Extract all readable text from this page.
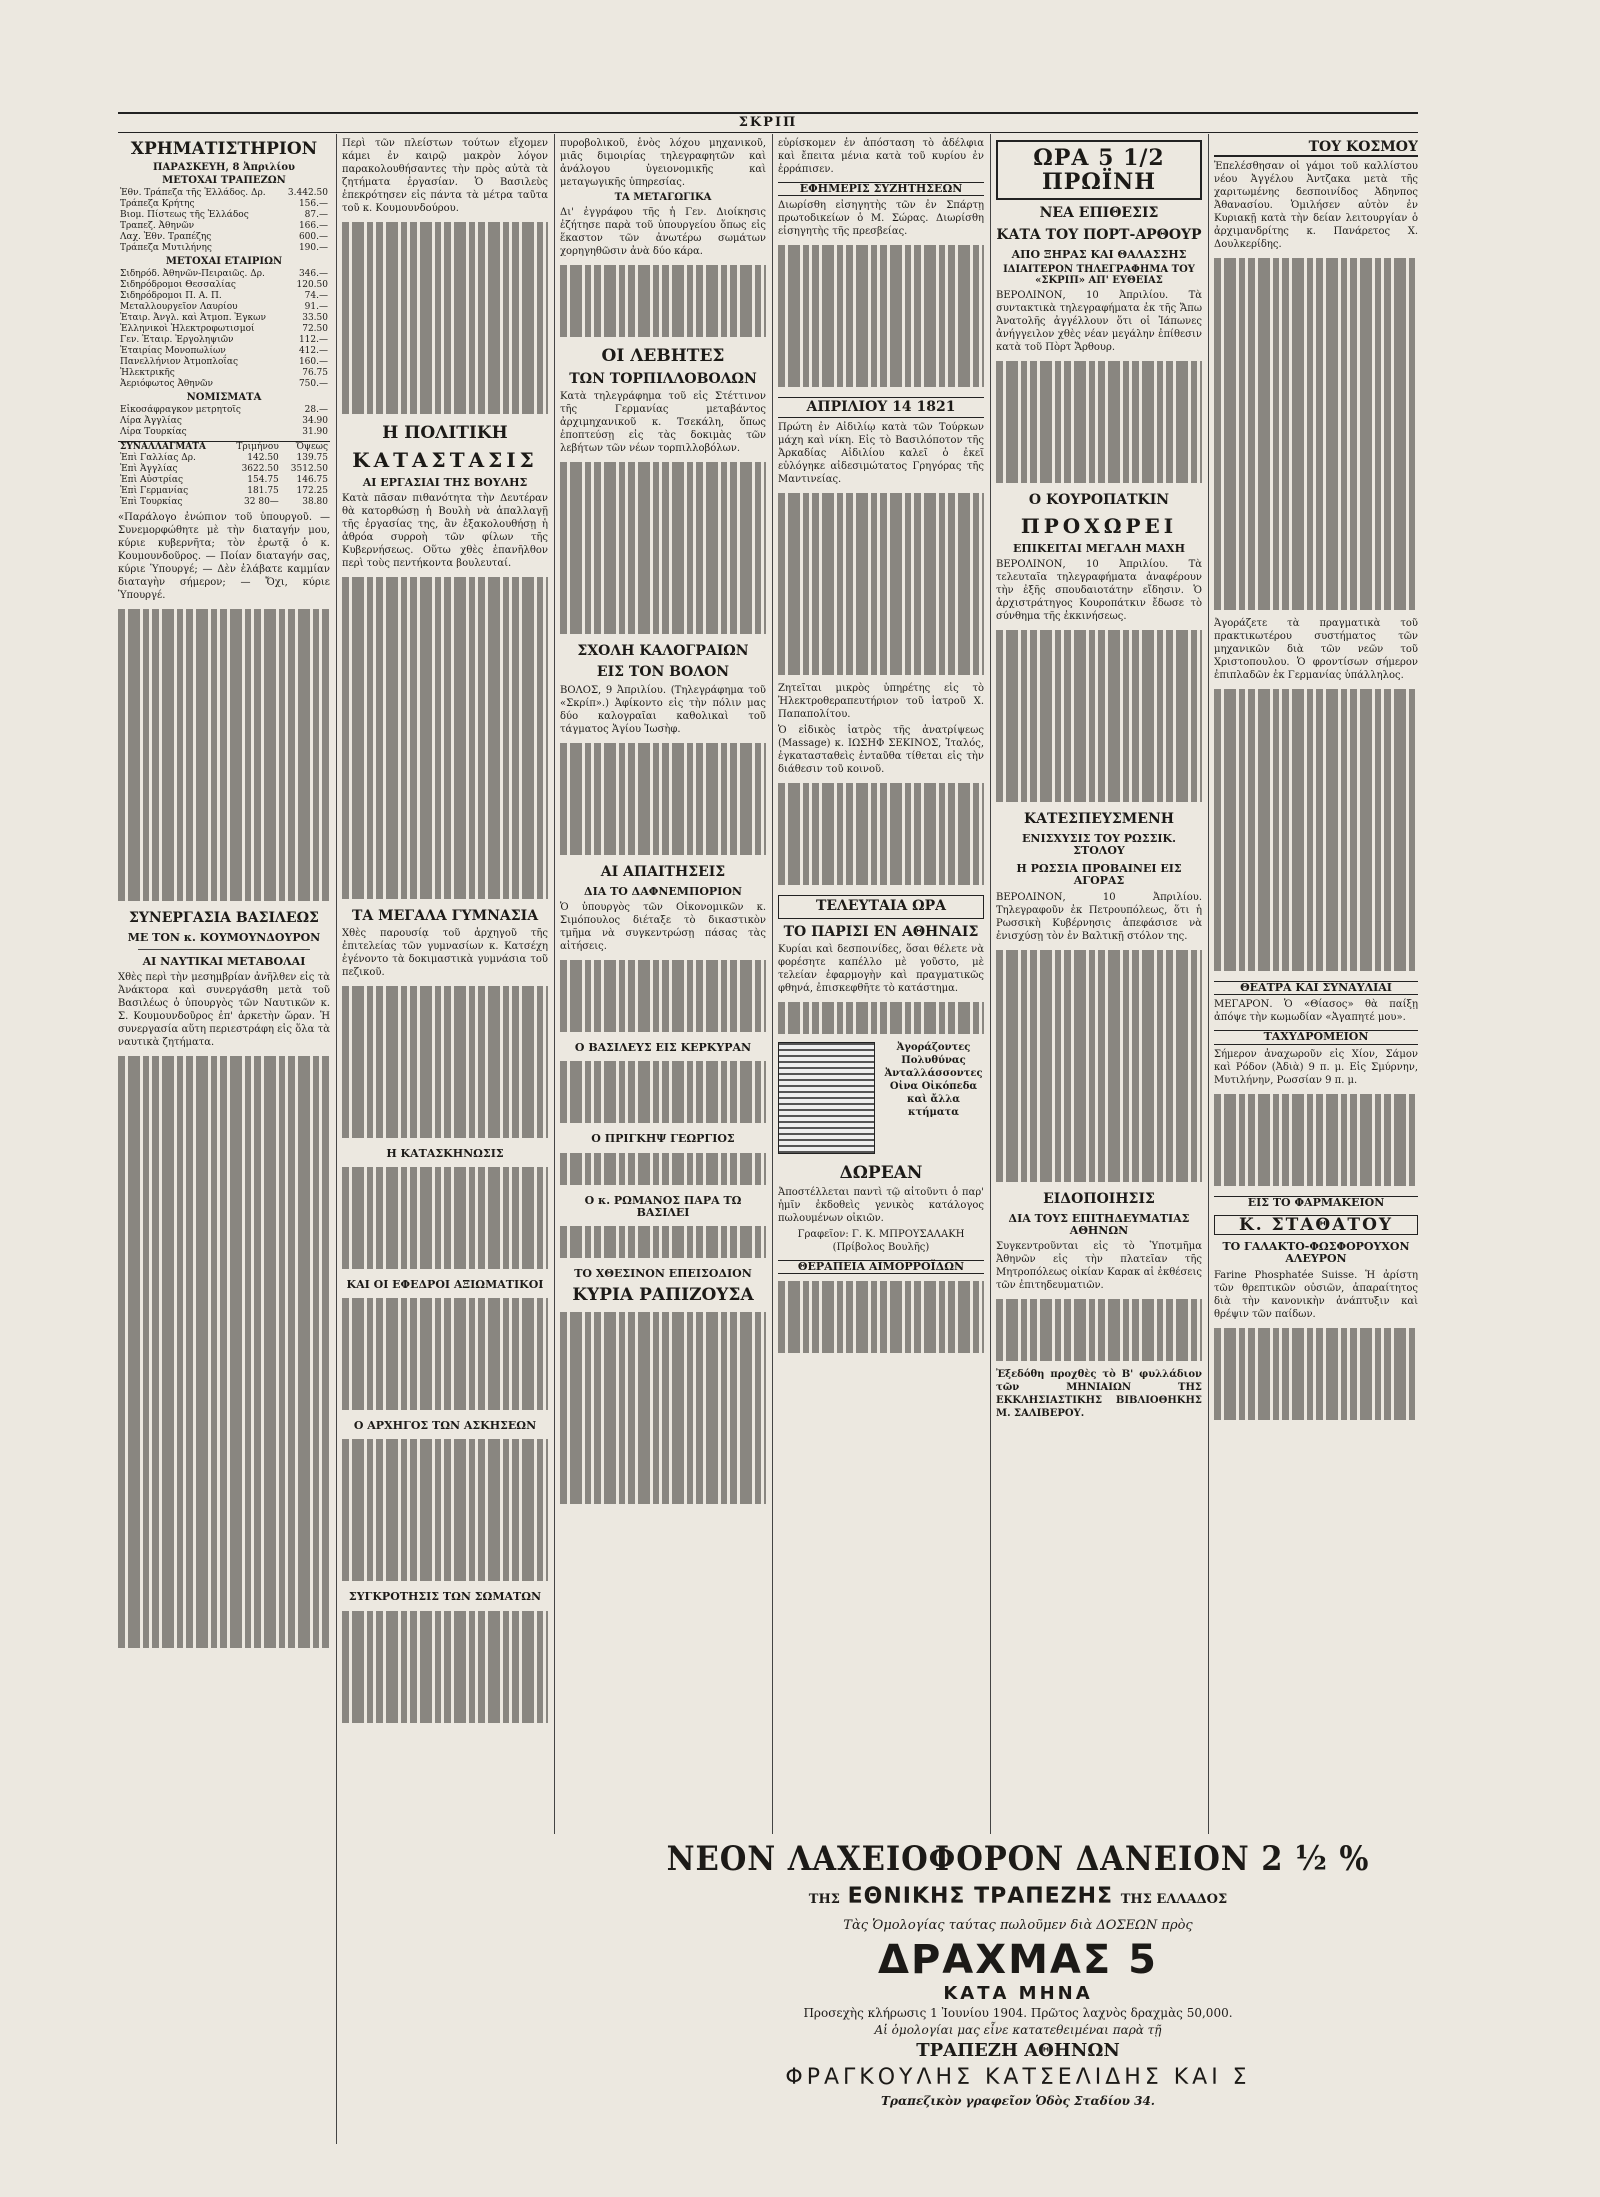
ΣΚΡΙΠ
ΧΡΗΜΑΤΙΣΤΗΡΙΟΝ
ΠΑΡΑΣΚΕΥΗ, 8 Ἀπριλίου
ΜΕΤΟΧΑΙ ΤΡΑΠΕΖΩΝ
Ἐθν. Τράπεζα τῆς Ἑλλάδος. Δρ.	3.442.50
Τράπεζα Κρήτης	156.—
Βιομ. Πίστεως τῆς Ἑλλάδος	87.—
Τραπεζ. Ἀθηνῶν	166.—
Λαχ. Ἐθν. Τραπέζης	600.—
Τράπεζα Μυτιλήνης	190.—
ΜΕΤΟΧΑΙ ΕΤΑΙΡΙΩΝ
Σιδηρόδ. Ἀθηνῶν-Πειραιῶς. Δρ.	346.—
Σιδηρόδρομοι Θεσσαλίας	120.50
Σιδηρόδρομοι Π. Α. Π.	74.—
Μεταλλουργεῖον Λαυρίου	91.—
Ἑταιρ. Ἀνγλ. καὶ Ἀτμοπ. Ἐγκων	33.50
Ἑλληνικοὶ Ἠλεκτροφωτισμοί	72.50
Γεν. Ἑταιρ. Ἐργοληψιῶν	112.—
Ἑταιρίας Μονοπωλίων	412.—
Πανελλήνιον Ἀτμοπλοΐας	160.—
Ἠλεκτρικῆς	76.75
Ἀεριόφωτος Ἀθηνῶν	750.—
ΝΟΜΙΣΜΑΤΑ
Εἰκοσάφραγκον μετρητοῖς	28.—
Λίρα Ἀγγλίας	34.90
Λίρα Τουρκίας	31.90
ΣΥΝΑΛΛΑΓΜΑΤΑ	Τριμήνου	Ὄψεως
Ἐπὶ Γαλλίας Δρ.	142.50	139.75
Ἐπὶ Ἀγγλίας	3622.50	3512.50
Ἐπὶ Αὐστρίας	154.75	146.75
Ἐπὶ Γερμανίας	181.75	172.25
Ἐπὶ Τουρκίας	32 80—	38.80
«Παράλογο ἐνώπιον τοῦ ὑπουργοῦ. — Συνεμορφώθητε μὲ τὴν διαταγήν μου, κύριε κυβερνῆτα; τὸν ἐρωτᾷ ὁ κ. Κουμουνδοῦρος. — Ποίαν διαταγήν σας, κύριε Ὑπουργέ; — Δὲν ἐλάβατε καμμίαν διαταγὴν σήμερον; — Ὄχι, κύριε Ὑπουργέ.
ΣΥΝΕΡΓΑΣΙΑ ΒΑΣΙΛΕΩΣ
ΜΕ ΤΟΝ κ. ΚΟΥΜΟΥΝΔΟΥΡΟΝ
ΑΙ ΝΑΥΤΙΚΑΙ ΜΕΤΑΒΟΛΑΙ
Χθὲς περὶ τὴν μεσημβρίαν ἀνῆλθεν εἰς τὰ Ἀνάκτορα καὶ συνεργάσθη μετὰ τοῦ Βασιλέως ὁ ὑπουργὸς τῶν Ναυτικῶν κ. Σ. Κουμουνδοῦρος ἐπ' ἀρκετὴν ὥραν. Ἡ συνεργασία αὕτη περιεστράφη εἰς ὅλα τὰ ναυτικὰ ζητήματα.
Περὶ τῶν πλείστων τούτων εἴχομεν κάμει ἐν καιρῷ μακρὸν λόγον παρακολουθήσαντες τὴν πρὸς αὐτὰ τὰ ζητήματα ἐργασίαν. Ὁ Βασιλεὺς ἐπεκρότησεν εἰς πάντα τὰ μέτρα ταῦτα τοῦ κ. Κουμουνδούρου.
Η ΠΟΛΙΤΙΚΗ
ΚΑΤΑΣΤΑΣΙΣ
ΑΙ ΕΡΓΑΣΙΑΙ ΤΗΣ ΒΟΥΛΗΣ
Κατὰ πᾶσαν πιθανότητα τὴν Δευτέραν θὰ κατορθώσῃ ἡ Βουλὴ νὰ ἀπαλλαγῇ τῆς ἐργασίας της, ἂν ἐξακολουθήσῃ ἡ ἀθρόα συρροὴ τῶν φίλων τῆς Κυβερνήσεως. Οὕτω χθὲς ἐπανῆλθον περὶ τοὺς πεντήκοντα βουλευταί.
ΤΑ ΜΕΓΑΛΑ ΓΥΜΝΑΣΙΑ
Χθὲς παρουσίᾳ τοῦ ἀρχηγοῦ τῆς ἐπιτελείας τῶν γυμνασίων κ. Κατσέχη ἐγένοντο τὰ δοκιμαστικὰ γυμνάσια τοῦ πεζικοῦ.
Η ΚΑΤΑΣΚΗΝΩΣΙΣ
ΚΑΙ ΟΙ ΕΦΕΔΡΟΙ ΑΞΙΩΜΑΤΙΚΟΙ
Ο ΑΡΧΗΓΟΣ ΤΩΝ ΑΣΚΗΣΕΩΝ
ΣΥΓΚΡΟΤΗΣΙΣ ΤΩΝ ΣΩΜΑΤΩΝ
πυροβολικοῦ, ἑνὸς λόχου μηχανικοῦ, μιᾶς διμοιρίας τηλεγραφητῶν καὶ ἀνάλογου ὑγειονομικῆς καὶ μεταγωγικῆς ὑπηρεσίας.
ΤΑ ΜΕΤΑΓΩΓΙΚΑ
Δι' ἐγγράφου τῆς ἡ Γεν. Διοίκησις ἐζήτησε παρὰ τοῦ ὑπουργείου ὅπως εἰς ἕκαστον τῶν ἀνωτέρω σωμάτων χορηγηθῶσιν ἀνὰ δύο κάρα.
ΟΙ ΛΕΒΗΤΕΣ
ΤΩΝ ΤΟΡΠΙΛΛΟΒΟΛΩΝ
Κατὰ τηλεγράφημα τοῦ εἰς Στέττινον τῆς Γερμανίας μεταβάντος ἀρχιμηχανικοῦ κ. Τσεκάλη, ὅπως ἐποπτεύσῃ εἰς τὰς δοκιμὰς τῶν λεβήτων τῶν νέων τορπιλλοβόλων.
ΣΧΟΛΗ ΚΑΛΟΓΡΑΙΩΝ
ΕΙΣ ΤΟΝ ΒΟΛΟΝ
ΒΟΛΟΣ, 9 Ἀπριλίου. (Τηλεγράφημα τοῦ «Σκρίπ».) Ἀφίκοντο εἰς τὴν πόλιν μας δύο καλογραῖαι καθολικαὶ τοῦ τάγματος Ἁγίου Ἰωσὴφ.
ΑΙ ΑΠΑΙΤΗΣΕΙΣ
ΔΙΑ ΤΟ ΔΑΦΝΕΜΠΟΡΙΟΝ
Ὁ ὑπουργὸς τῶν Οἰκονομικῶν κ. Σιμόπουλος διέταξε τὸ δικαστικὸν τμῆμα νὰ συγκεντρώσῃ πάσας τὰς αἰτήσεις.
Ο ΒΑΣΙΛΕΥΣ ΕΙΣ ΚΕΡΚΥΡΑΝ
Ο ΠΡΙΓΚΗΨ ΓΕΩΡΓΙΟΣ
Ο κ. ΡΩΜΑΝΟΣ ΠΑΡΑ ΤΩ ΒΑΣΙΛΕΙ
ΤΟ ΧΘΕΣΙΝΟΝ ΕΠΕΙΣΟΔΙΟΝ
ΚΥΡΙΑ ΡΑΠΙΖΟΥΣΑ
εὑρίσκομεν ἐν ἀπόσταση τὸ ἀδέλφια καὶ ἔπειτα μένια κατὰ τοῦ κυρίου ἐν ἐρράπισεν.
ΕΦΗΜΕΡΙΣ ΣΥΖΗΤΗΣΕΩΝ
Διωρίσθη εἰσηγητὴς τῶν ἐν Σπάρτῃ πρωτοδικείων ὁ Μ. Σώρας. Διωρίσθη εἰσηγητὴς τῆς πρεσβείας.
ΑΠΡΙΛΙΟΥ 14 1821
Πρώτη ἐν Αἰδιλίῳ κατὰ τῶν Τούρκων μάχη καὶ νίκη. Εἰς τὸ Βασιλόποτον τῆς Ἀρκαδίας Αἰδιλίου καλεῖ ὁ ἐκεῖ εὑλόγηκε αἰδεσιμώτατος Γρηγόρας τῆς Μαντινείας.
Ζητεῖται μικρὸς ὑπηρέτης εἰς τὸ Ἠλεκτροθεραπευτήριον τοῦ ἰατροῦ Χ. Παπαπολίτου.
Ὁ εἰδικὸς ἰατρὸς τῆς ἀνατρίψεως (Massage) κ. ΙΩΣΗΦ ΣΕΚΙΝΟΣ, Ἰταλός, ἐγκατασταθεὶς ἐνταῦθα τίθεται εἰς τὴν διάθεσιν τοῦ κοινοῦ.
ΤΕΛΕΥΤΑΙΑ ΩΡΑ
ΤΟ ΠΑΡΙΣΙ ΕΝ ΑΘΗΝΑΙΣ
Κυρίαι καὶ δεσποινίδες, ὅσαι θέλετε νὰ φορέσητε καπέλλο μὲ γοῦστο, μὲ τελείαν ἐφαρμογὴν καὶ πραγματικῶς φθηνά, ἐπισκεφθῆτε τὸ κατάστημα.
Ἀγοράζοντες Πολυθύνας Ἀνταλλάσσοντες Οἰνα Οἰκόπεδα καὶ ἄλλα κτήματα
ΔΩΡΕΑΝ
Ἀποστέλλεται παντὶ τῷ αἰτοῦντι ὁ παρ' ἡμῖν ἐκδοθεὶς γενικὸς κατάλογος πωλουμένων οἰκιῶν.
Γραφεῖον: Γ. Κ. ΜΠΡΟΥΣΑΛΑΚΗ (Πρίβολος Βουλῆς)
ΘΕΡΑΠΕΙΑ ΑΙΜΟΡΡΟΪΔΩΝ
ΩΡΑ 5 1/2 ΠΡΩΪΝΗ
ΝΕΑ ΕΠΙΘΕΣΙΣ
ΚΑΤΑ ΤΟΥ ΠΟΡΤ-ΑΡΘΟΥΡ
ΑΠΟ ΞΗΡΑΣ ΚΑΙ ΘΑΛΑΣΣΗΣ
ΙΔΙΑΙΤΕΡΟΝ ΤΗΛΕΓΡΑΦΗΜΑ ΤΟΥ «ΣΚΡΙΠ» ΑΠ' ΕΥΘΕΙΑΣ
ΒΕΡΟΛΙΝΟΝ, 10 Ἀπριλίου. Τὰ συντακτικὰ τηλεγραφήματα ἐκ τῆς Ἄπω Ἀνατολῆς ἀγγέλλουν ὅτι οἱ Ἰάπωνες ἀνήγγειλον χθὲς νέαν μεγάλην ἐπίθεσιν κατὰ τοῦ Πὸρτ Ἄρθουρ.
Ο ΚΟΥΡΟΠΑΤΚΙΝ
ΠΡΟΧΩΡΕΙ
ΕΠΙΚΕΙΤΑΙ ΜΕΓΑΛΗ ΜΑΧΗ
ΒΕΡΟΛΙΝΟΝ, 10 Ἀπριλίου. Τὰ τελευταῖα τηλεγραφήματα ἀναφέρουν τὴν ἐξῆς σπουδαιοτάτην εἴδησιν. Ὁ ἀρχιστράτηγος Κουροπάτκιν ἔδωσε τὸ σύνθημα τῆς ἐκκινήσεως.
ΚΑΤΕΣΠΕΥΣΜΕΝΗ
ΕΝΙΣΧΥΣΙΣ ΤΟΥ ΡΩΣΣΙΚ. ΣΤΟΛΟΥ
Η ΡΩΣΣΙΑ ΠΡΟΒΑΙΝΕΙ ΕΙΣ ΑΓΟΡΑΣ
ΒΕΡΟΛΙΝΟΝ, 10 Ἀπριλίου. Τηλεγραφοῦν ἐκ Πετρουπόλεως, ὅτι ἡ Ρωσσικὴ Κυβέρνησις ἀπεφάσισε νὰ ἐνισχύσῃ τὸν ἐν Βαλτικῇ στόλον της.
ΕΙΔΟΠΟΙΗΣΙΣ
ΔΙΑ ΤΟΥΣ ΕΠΙΤΗΔΕΥΜΑΤΙΑΣ ΑΘΗΝΩΝ
Συγκεντροῦνται εἰς τὸ Ὑποτμῆμα Ἀθηνῶν εἰς τὴν πλατεῖαν τῆς Μητροπόλεως οἰκίαν Καρακ αἱ ἐκθέσεις τῶν ἐπιτηδευματιῶν.
Ἐξεδόθη προχθὲς τὸ Β' φυλλάδιον τῶν ΜΗΝΙΑΙΩΝ ΤΗΣ ΕΚΚΛΗΣΙΑΣΤΙΚΗΣ ΒΙΒΛΙΟΘΗΚΗΣ Μ. ΣΑΛΙΒΕΡΟΥ.
ΤΟΥ ΚΟΣΜΟΥ
Ἐπελέσθησαν οἱ γάμοι τοῦ καλλίστου νέου Ἀγγέλου Ἀντζακα μετὰ τῆς χαριτωμένης δεσποινίδος Ἀδηνπος Ἀθανασίου. Ὁμιλήσεν αὐτὸν ἐν Κυριακῇ κατὰ τὴν δείαν λειτουργίαν ὁ ἀρχιμανδρίτης κ. Πανάρετος Χ. Δουλκερίδης.
Ἀγοράζετε τὰ πραγματικὰ τοῦ πρακτικωτέρου συστήματος τῶν μηχανικῶν διὰ τῶν νεῶν τοῦ Χριστοπουλου. Ὁ φροντίσων σήμερον ἐπιπλαδῶν ἐκ Γερμανίας ὑπάλληλος.
ΘΕΑΤΡΑ ΚΑΙ ΣΥΝΑΥΛΙΑΙ
ΜΕΓΑΡΟΝ. Ὁ «Θίασος» θὰ παίξῃ ἀπόψε τὴν κωμωδίαν «Ἀγαπητέ μου».
ΤΑΧΥΔΡΟΜΕΙΟΝ
Σήμερον ἀναχωροῦν εἰς Χίον, Σάμον καὶ Ρόδον (Ἀδιὰ) 9 π. μ. Εἰς Σμύρνην, Μυτιλήνην, Ρωσσίαν 9 π. μ.
ΕΙΣ ΤΟ ΦΑΡΜΑΚΕΙΟΝ
Κ. ΣΤΑΘΑΤΟΥ
ΤΟ ΓΑΛΑΚΤΟ-ΦΩΣΦΟΡΟΥΧΟΝ ΑΛΕΥΡΟΝ
Farine Phosphatée Suisse. Ἡ ἀρίστη τῶν θρεπτικῶν οὐσιῶν, ἀπαραίτητος διὰ τὴν κανονικὴν ἀνάπτυξιν καὶ θρέψιν τῶν παίδων.
ΝΕΟΝ ΛΑΧΕΙΟΦΟΡΟΝ ΔΑΝΕΙΟΝ 2 ½ %
ΤΗΣ ΕΘΝΙΚΗΣ ΤΡΑΠΕΖΗΣ ΤΗΣ ΕΛΛΑΔΟΣ
Τὰς Ὁμολογίας ταύτας πωλοῦμεν διὰ ΔΟΣΕΩΝ πρὸς
ΔΡΑΧΜΑΣ 5
ΚΑΤΑ ΜΗΝΑ
Προσεχὴς κλήρωσις 1 Ἰουνίου 1904. Πρῶτος λαχνὸς δραχμὰς 50,000.
Αἱ ὁμολογίαι μας εἶνε κατατεθειμέναι παρὰ τῇ
ΤΡΑΠΕΖΗ ΑΘΗΝΩΝ
ΦΡΑΓΚΟΥΛΗΣ ΚΑΤΣΕΛΙΔΗΣ ΚΑΙ Σ
Τραπεζικὸν γραφεῖον Ὁδὸς Σταδίου 34.
